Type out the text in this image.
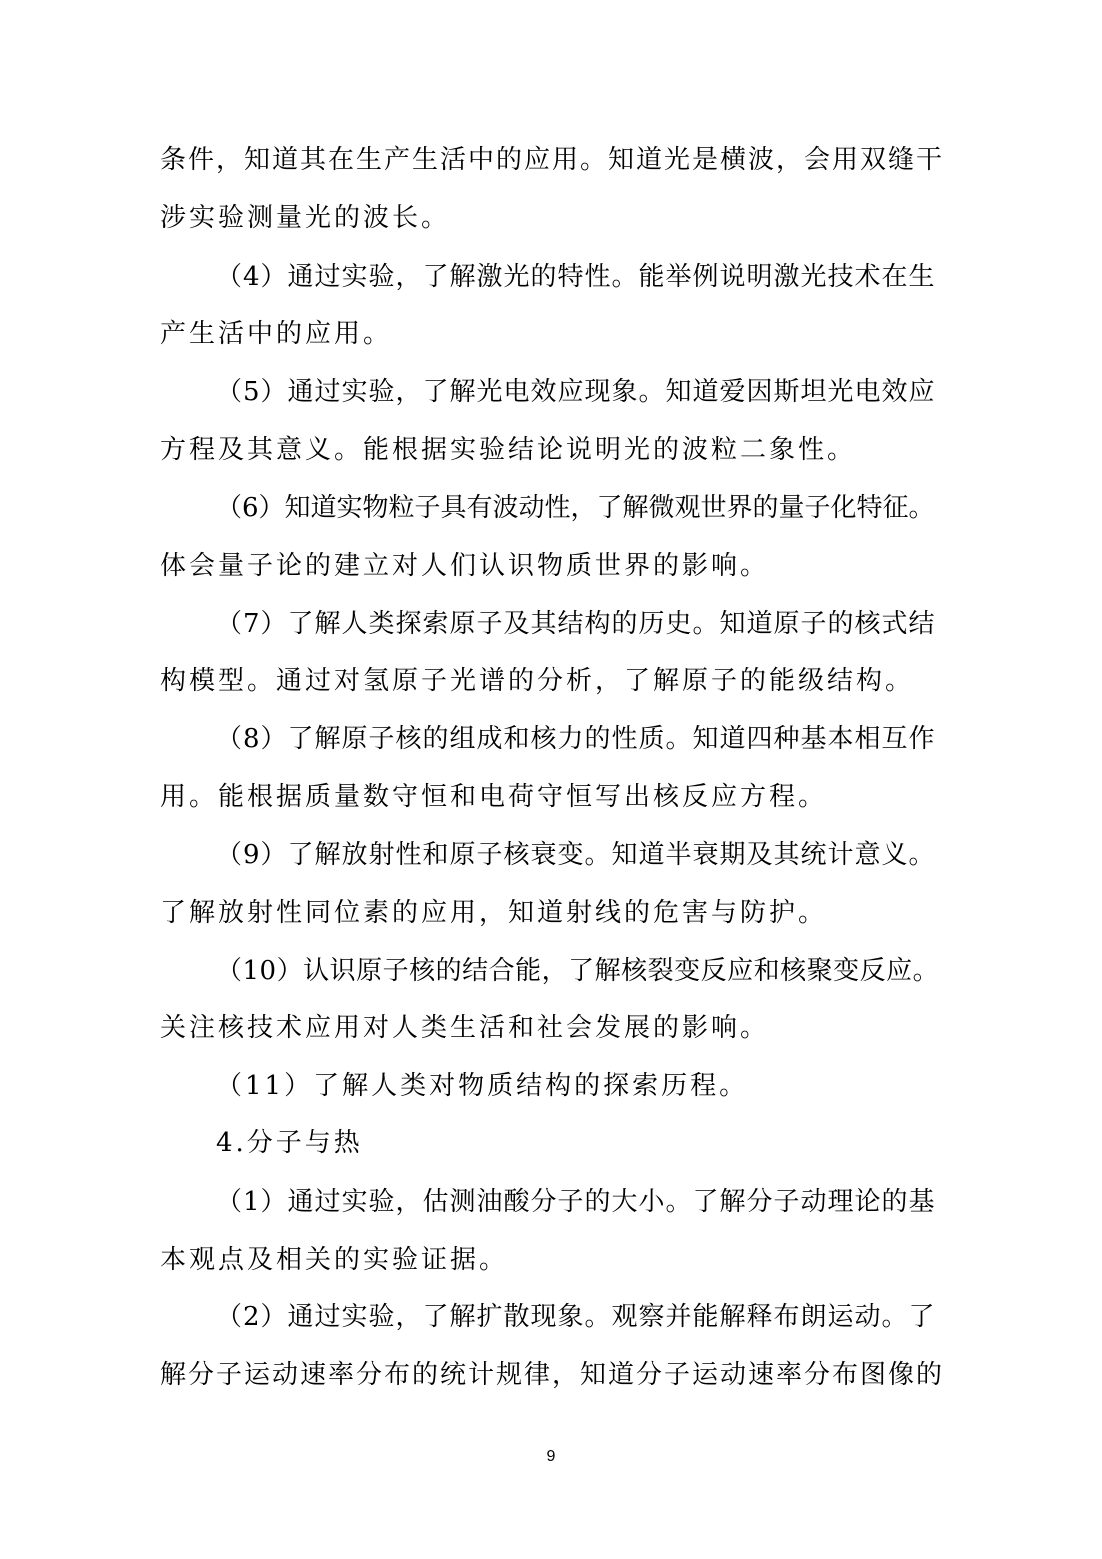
条件，知道其在生产生活中的应用。知道光是横波，会用双缝干
涉实验测量光的波长。
（4）通过实验，了解激光的特性。能举例说明激光技术在生
产生活中的应用。
（5）通过实验，了解光电效应现象。知道爱因斯坦光电效应
方程及其意义。能根据实验结论说明光的波粒二象性。
（6）知道实物粒子具有波动性，了解微观世界的量子化特征。
体会量子论的建立对人们认识物质世界的影响。
（7）了解人类探索原子及其结构的历史。知道原子的核式结
构模型。通过对氢原子光谱的分析，了解原子的能级结构。
（8）了解原子核的组成和核力的性质。知道四种基本相互作
用。能根据质量数守恒和电荷守恒写出核反应方程。
（9）了解放射性和原子核衰变。知道半衰期及其统计意义。
了解放射性同位素的应用，知道射线的危害与防护。
（10）认识原子核的结合能，了解核裂变反应和核聚变反应。
关注核技术应用对人类生活和社会发展的影响。
（11）了解人类对物质结构的探索历程。
4.分子与热
（1）通过实验，估测油酸分子的大小。了解分子动理论的基
本观点及相关的实验证据。
（2）通过实验，了解扩散现象。观察并能解释布朗运动。了
解分子运动速率分布的统计规律，知道分子运动速率分布图像的
9
